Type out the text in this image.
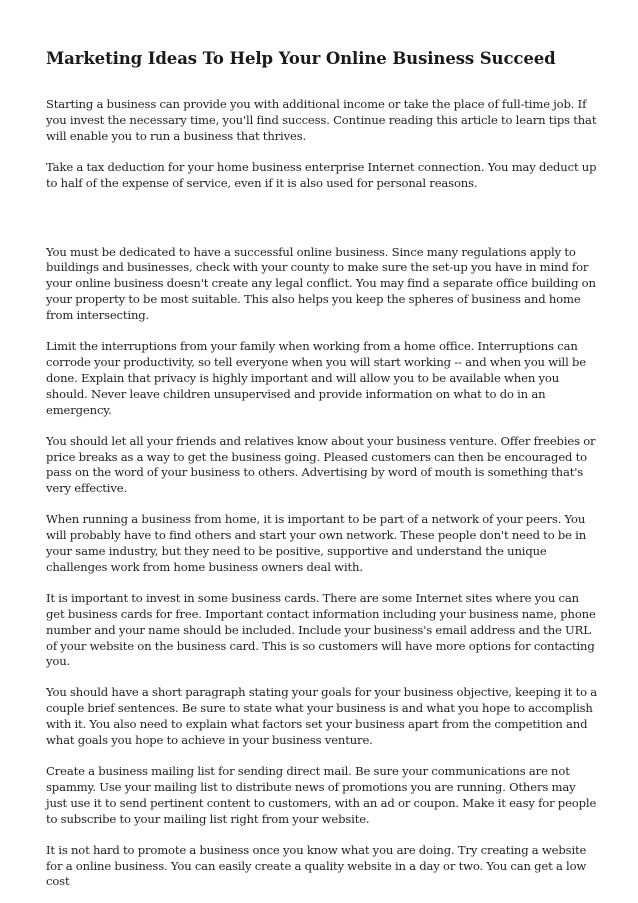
Marketing Ideas To Help Your Online Business Succeed

Starting a business can provide you with additional income or take the place of full-time job. If you invest the necessary time, you'll find success. Continue reading this article to learn tips that will enable you to run a business that thrives.

Take a tax deduction for your home business enterprise Internet connection. You may deduct up to half of the expense of service, even if it is also used for personal reasons.

You must be dedicated to have a successful online business. Since many regulations apply to buildings and businesses, check with your county to make sure the set-up you have in mind for your online business doesn't create any legal conflict. You may find a separate office building on your property to be most suitable. This also helps you keep the spheres of business and home from intersecting.

Limit the interruptions from your family when working from a home office. Interruptions can corrode your productivity, so tell everyone when you will start working -- and when you will be done. Explain that privacy is highly important and will allow you to be available when you should. Never leave children unsupervised and provide information on what to do in an emergency.

You should let all your friends and relatives know about your business venture. Offer freebies or price breaks as a way to get the business going. Pleased customers can then be encouraged to pass on the word of your business to others. Advertising by word of mouth is something that's very effective.

When running a business from home, it is important to be part of a network of your peers. You will probably have to find others and start your own network. These people don't need to be in your same industry, but they need to be positive, supportive and understand the unique challenges work from home business owners deal with.

It is important to invest in some business cards. There are some Internet sites where you can get business cards for free. Important contact information including your business name, phone number and your name should be included. Include your business's email address and the URL of your website on the business card. This is so customers will have more options for contacting you.

You should have a short paragraph stating your goals for your business objective, keeping it to a couple brief sentences. Be sure to state what your business is and what you hope to accomplish with it. You also need to explain what factors set your business apart from the competition and what goals you hope to achieve in your business venture.

Create a business mailing list for sending direct mail. Be sure your communications are not spammy. Use your mailing list to distribute news of promotions you are running. Others may just use it to send pertinent content to customers, with an ad or coupon. Make it easy for people to subscribe to your mailing list right from your website.

It is not hard to promote a business once you know what you are doing. Try creating a website for a online business. You can easily create a quality website in a day or two. You can get a low cost
